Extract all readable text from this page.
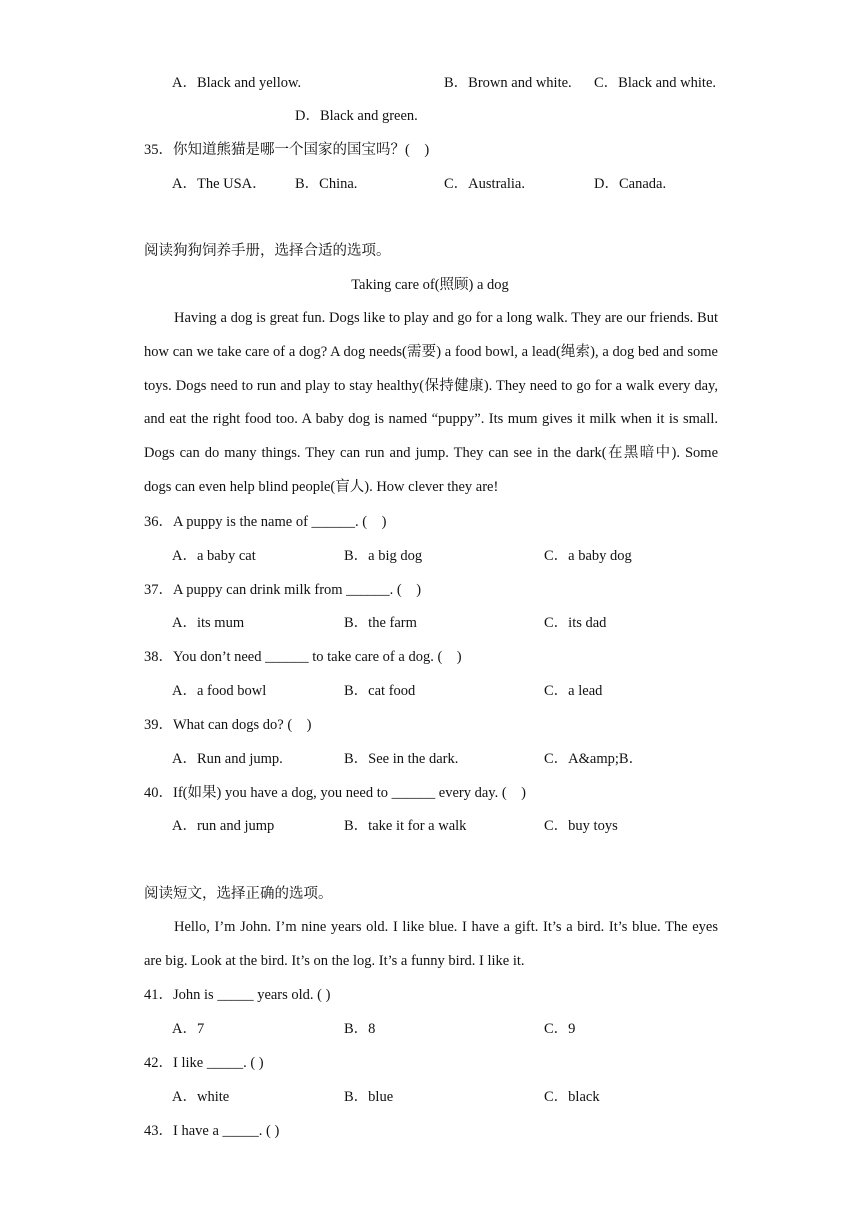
A．Black and yellow.	B．Brown and white. C．Black and white.
D．Black and green.
35．你知道熊猫是哪一个国家的国宝吗？(　)
A．The USA． B．China.	C．Australia.	D．Canada.
阅读狗狗饲养手册，选择合适的选项。
Taking care of(照顾) a dog

Having a dog is great fun. Dogs like to play and go for a long walk. They are our friends. But how can we take care of a dog? A dog needs(需要) a food bowl, a lead(绳索), a dog bed and some toys. Dogs need to run and play to stay healthy(保持健康). They need to go for a walk every day, and eat the right food too. A baby dog is named “puppy”. Its mum gives it milk when it is small. Dogs can do many things. They can run and jump. They can see in the dark(在黑暗中). Some dogs can even help blind people(盲人). How clever they are!

36．A puppy is the name of ______. (　)
A．a baby cat	B．a big dog	C．a baby dog
37．A puppy can drink milk from ______. (　)
A．its mum	B．the farm	C．its dad
38．You don’t need ______ to take care of a dog. (　)
A．a food bowl	B．cat food	C．a lead
39．What can dogs do? (　)
A．Run and jump.	B．See in the dark.	C．A&amp;B．
40．If(如果) you have a dog, you need to ______ every day. (　)
A．run and jump	B．take it for a walk	C．buy toys
阅读短文，选择正确的选项。

Hello, I’m John. I’m nine years old. I like blue. I have a gift. It’s a bird. It’s blue. The eyes are big. Look at the bird. It’s on the log. It’s a funny bird. I like it.

41．John is _____ years old. ( )
A．7	B．8	C．9
42．I like _____. ( )
A．white	B．blue	C．black
43．I have a _____. ( )
